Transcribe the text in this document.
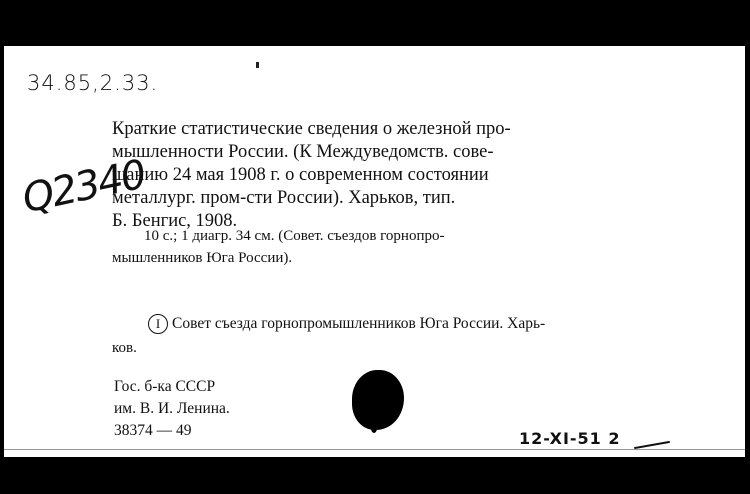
34.85,2.33.
Q2340
Краткие статистические сведения о железной про-
мышленности России. (К Междуведомств. сове-
щанию 24 мая 1908 г. о современном состоянии
металлург. пром-сти России). Харьков, тип.
Б. Бенгис, 1908.
10 с.; 1 диагр. 34 см. (Совет. съездов горнопро-
мышленников Юга России).
I Совет съезда горнопромышленников Юга России. Харь-
ков.
Гос. б-ка СССР
им. В. И. Ленина.
38374 — 49	12-XI-51 2
